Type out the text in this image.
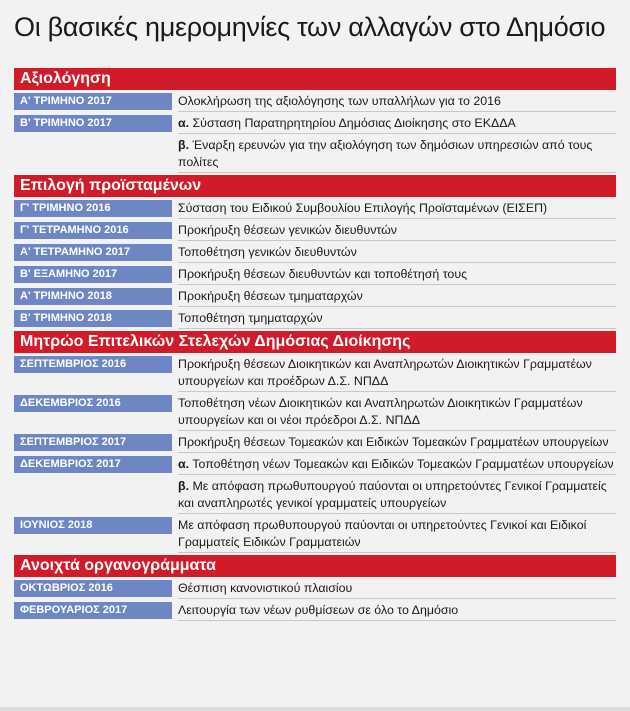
Οι βασικές ημερομηνίες των αλλαγών στο Δημόσιο
Αξιολόγηση
Α' ΤΡΙΜΗΝΟ 2017	Ολοκλήρωση της αξιολόγησης των υπαλλήλων για το 2016
Β' ΤΡΙΜΗΝΟ 2017	α. Σύσταση Παρατηρητηρίου Δημόσιας Διοίκησης στο ΕΚΔΔΑ
β. Έναρξη ερευνών για την αξιολόγηση των δημόσιων υπηρεσιών από τους πολίτες
Επιλογή προϊσταμένων
Γ' ΤΡΙΜΗΝΟ 2016	Σύσταση του Ειδικού Συμβουλίου Επιλογής Προϊσταμένων (ΕΙΣΕΠ)
Γ' ΤΕΤΡΑΜΗΝΟ 2016	Προκήρυξη θέσεων γενικών διευθυντών
Α' ΤΕΤΡΑΜΗΝΟ 2017	Τοποθέτηση γενικών διευθυντών
Β' ΕΞΑΜΗΝΟ 2017	Προκήρυξη θέσεων διευθυντών και τοποθέτησή τους
Α' ΤΡΙΜΗΝΟ 2018	Προκήρυξη θέσεων τμηματαρχών
Β' ΤΡΙΜΗΝΟ 2018	Τοποθέτηση τμηματαρχών
Μητρώο Επιτελικών Στελεχών Δημόσιας Διοίκησης
ΣΕΠΤΕΜΒΡΙΟΣ 2016	Προκήρυξη θέσεων Διοικητικών και Αναπληρωτών Διοικητικών Γραμματέων υπουργείων και προέδρων Δ.Σ. ΝΠΔΔ
ΔΕΚΕΜΒΡΙΟΣ 2016	Τοποθέτηση νέων Διοικητικών και Αναπληρωτών Διοικητικών Γραμματέων υπουργείων και οι νέοι πρόεδροι Δ.Σ. ΝΠΔΔ
ΣΕΠΤΕΜΒΡΙΟΣ 2017	Προκήρυξη θέσεων Τομεακών και Ειδικών Τομεακών Γραμματέων υπουργείων
ΔΕΚΕΜΒΡΙΟΣ 2017	α. Τοποθέτηση νέων Τομεακών και Ειδικών Τομεακών Γραμματέων υπουργείων
β. Με απόφαση πρωθυπουργού παύονται οι υπηρετούντες Γενικοί Γραμματείς και αναπληρωτές γενικοί γραμματείς υπουργείων
ΙΟΥΝΙΟΣ 2018	Με απόφαση πρωθυπουργού παύονται οι υπηρετούντες Γενικοί και Ειδικοί Γραμματείς Ειδικών Γραμματειών
Ανοιχτά οργανογράμματα
ΟΚΤΩΒΡΙΟΣ 2016	Θέσπιση κανονιστικού πλαισίου
ΦΕΒΡΟΥΑΡΙΟΣ 2017	Λειτουργία των νέων ρυθμίσεων σε όλο το Δημόσιο
